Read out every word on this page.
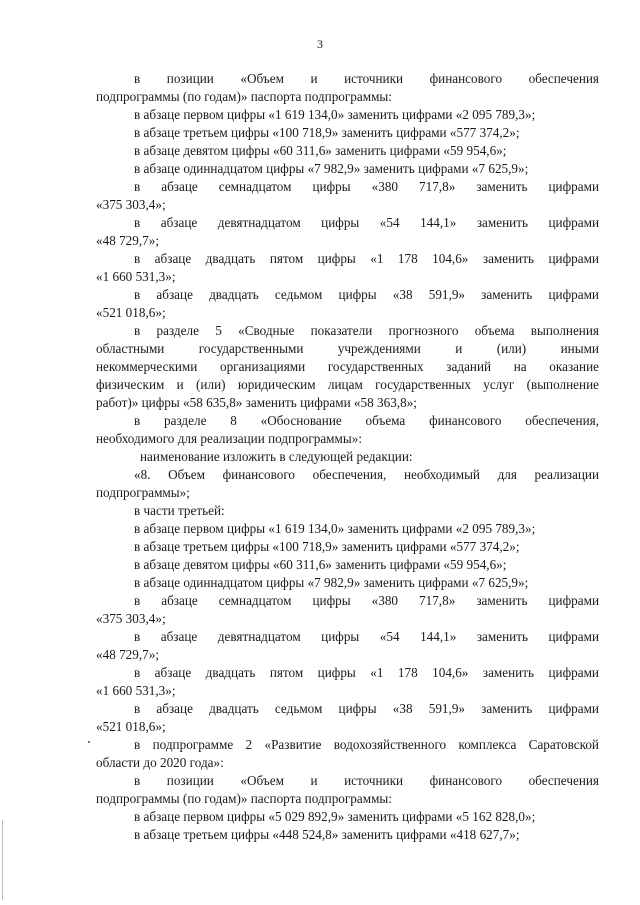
3
в позиции «Объем и источники финансового обеспечения
подпрограммы (по годам)» паспорта подпрограммы:
в абзаце первом цифры «1 619 134,0» заменить цифрами «2 095 789,3»;
в абзаце третьем цифры «100 718,9» заменить цифрами «577 374,2»;
в абзаце девятом цифры «60 311,6» заменить цифрами «59 954,6»;
в абзаце одиннадцатом цифры «7 982,9» заменить цифрами «7 625,9»;
в абзаце семнадцатом цифры «380 717,8» заменить цифрами
«375 303,4»;
в абзаце девятнадцатом цифры «54 144,1» заменить цифрами
«48 729,7»;
в абзаце двадцать пятом цифры «1 178 104,6» заменить цифрами
«1 660 531,3»;
в абзаце двадцать седьмом цифры «38 591,9» заменить цифрами
«521 018,6»;
в разделе 5 «Сводные показатели прогнозного объема выполнения
областными государственными учреждениями и (или) иными
некоммерческими организациями государственных заданий на оказание
физическим и (или) юридическим лицам государственных услуг (выполнение
работ)» цифры «58 635,8» заменить цифрами «58 363,8»;
в разделе 8 «Обоснование объема финансового обеспечения,
необходимого для реализации подпрограммы»:
наименование изложить в следующей редакции:
«8. Объем финансового обеспечения, необходимый для реализации
подпрограммы»;
в части третьей:
в абзаце первом цифры «1 619 134,0» заменить цифрами «2 095 789,3»;
в абзаце третьем цифры «100 718,9» заменить цифрами «577 374,2»;
в абзаце девятом цифры «60 311,6» заменить цифрами «59 954,6»;
в абзаце одиннадцатом цифры «7 982,9» заменить цифрами «7 625,9»;
в абзаце семнадцатом цифры «380 717,8» заменить цифрами
«375 303,4»;
в абзаце девятнадцатом цифры «54 144,1» заменить цифрами
«48 729,7»;
в абзаце двадцать пятом цифры «1 178 104,6» заменить цифрами
«1 660 531,3»;
в абзаце двадцать седьмом цифры «38 591,9» заменить цифрами
«521 018,6»;
в подпрограмме 2 «Развитие водохозяйственного комплекса Саратовской
области до 2020 года»:
в позиции «Объем и источники финансового обеспечения
подпрограммы (по годам)» паспорта подпрограммы:
в абзаце первом цифры «5 029 892,9» заменить цифрами «5 162 828,0»;
в абзаце третьем цифры «448 524,8» заменить цифрами «418 627,7»;
